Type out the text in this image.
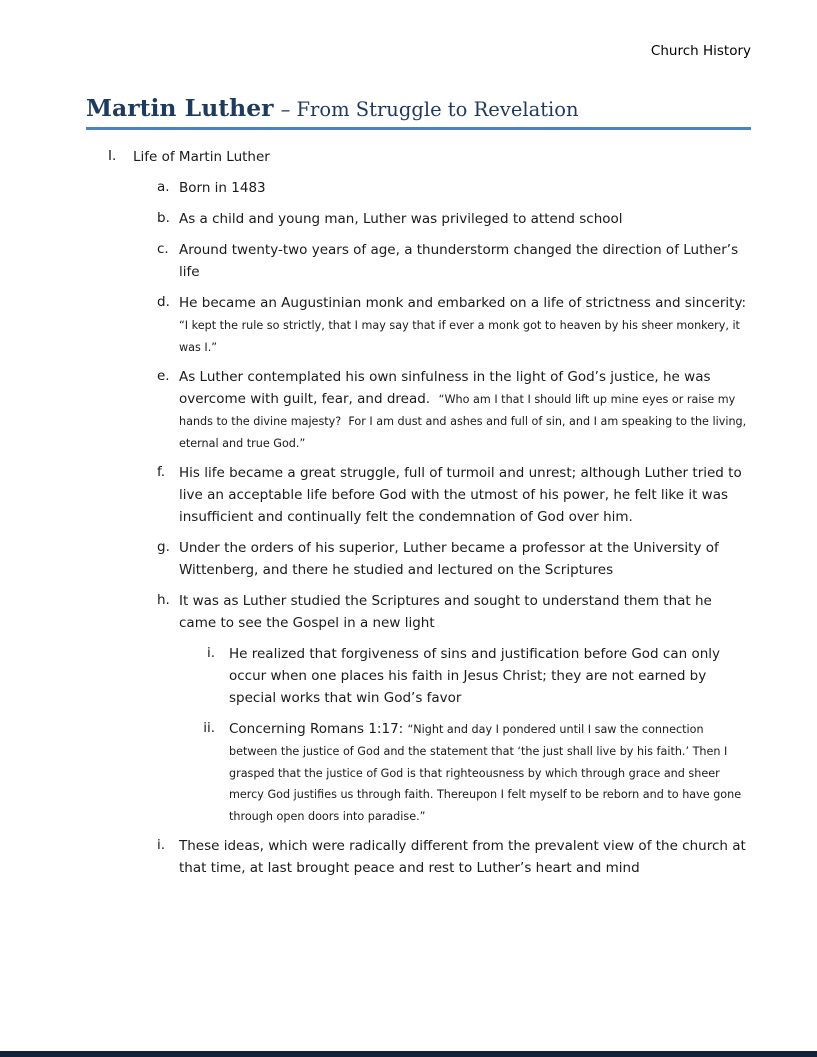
Church History
Martin Luther – From Struggle to Revelation
I.	Life of Martin Luther
a. Born in 1483
b. As a child and young man, Luther was privileged to attend school
c. Around twenty-two years of age, a thunderstorm changed the direction of Luther’s life
d. He became an Augustinian monk and embarked on a life of strictness and sincerity: “I kept the rule so strictly, that I may say that if ever a monk got to heaven by his sheer monkery, it was I.”
e. As Luther contemplated his own sinfulness in the light of God’s justice, he was overcome with guilt, fear, and dread.  “Who am I that I should lift up mine eyes or raise my hands to the divine majesty?  For I am dust and ashes and full of sin, and I am speaking to the living, eternal and true God.”
f.	His life became a great struggle, full of turmoil and unrest; although Luther tried to live an acceptable life before God with the utmost of his power, he felt like it was insufficient and continually felt the condemnation of God over him.
g. Under the orders of his superior, Luther became a professor at the University of Wittenberg, and there he studied and lectured on the Scriptures
h. It was as Luther studied the Scriptures and sought to understand them that he came to see the Gospel in a new light
i.	He realized that forgiveness of sins and justification before God can only occur when one places his faith in Jesus Christ; they are not earned by special works that win God’s favor
ii.	Concerning Romans 1:17: “Night and day I pondered until I saw the connection between the justice of God and the statement that ‘the just shall live by his faith.’ Then I grasped that the justice of God is that righteousness by which through grace and sheer mercy God justifies us through faith. Thereupon I felt myself to be reborn and to have gone through open doors into paradise.”
i.	These ideas, which were radically different from the prevalent view of the church at that time, at last brought peace and rest to Luther’s heart and mind
